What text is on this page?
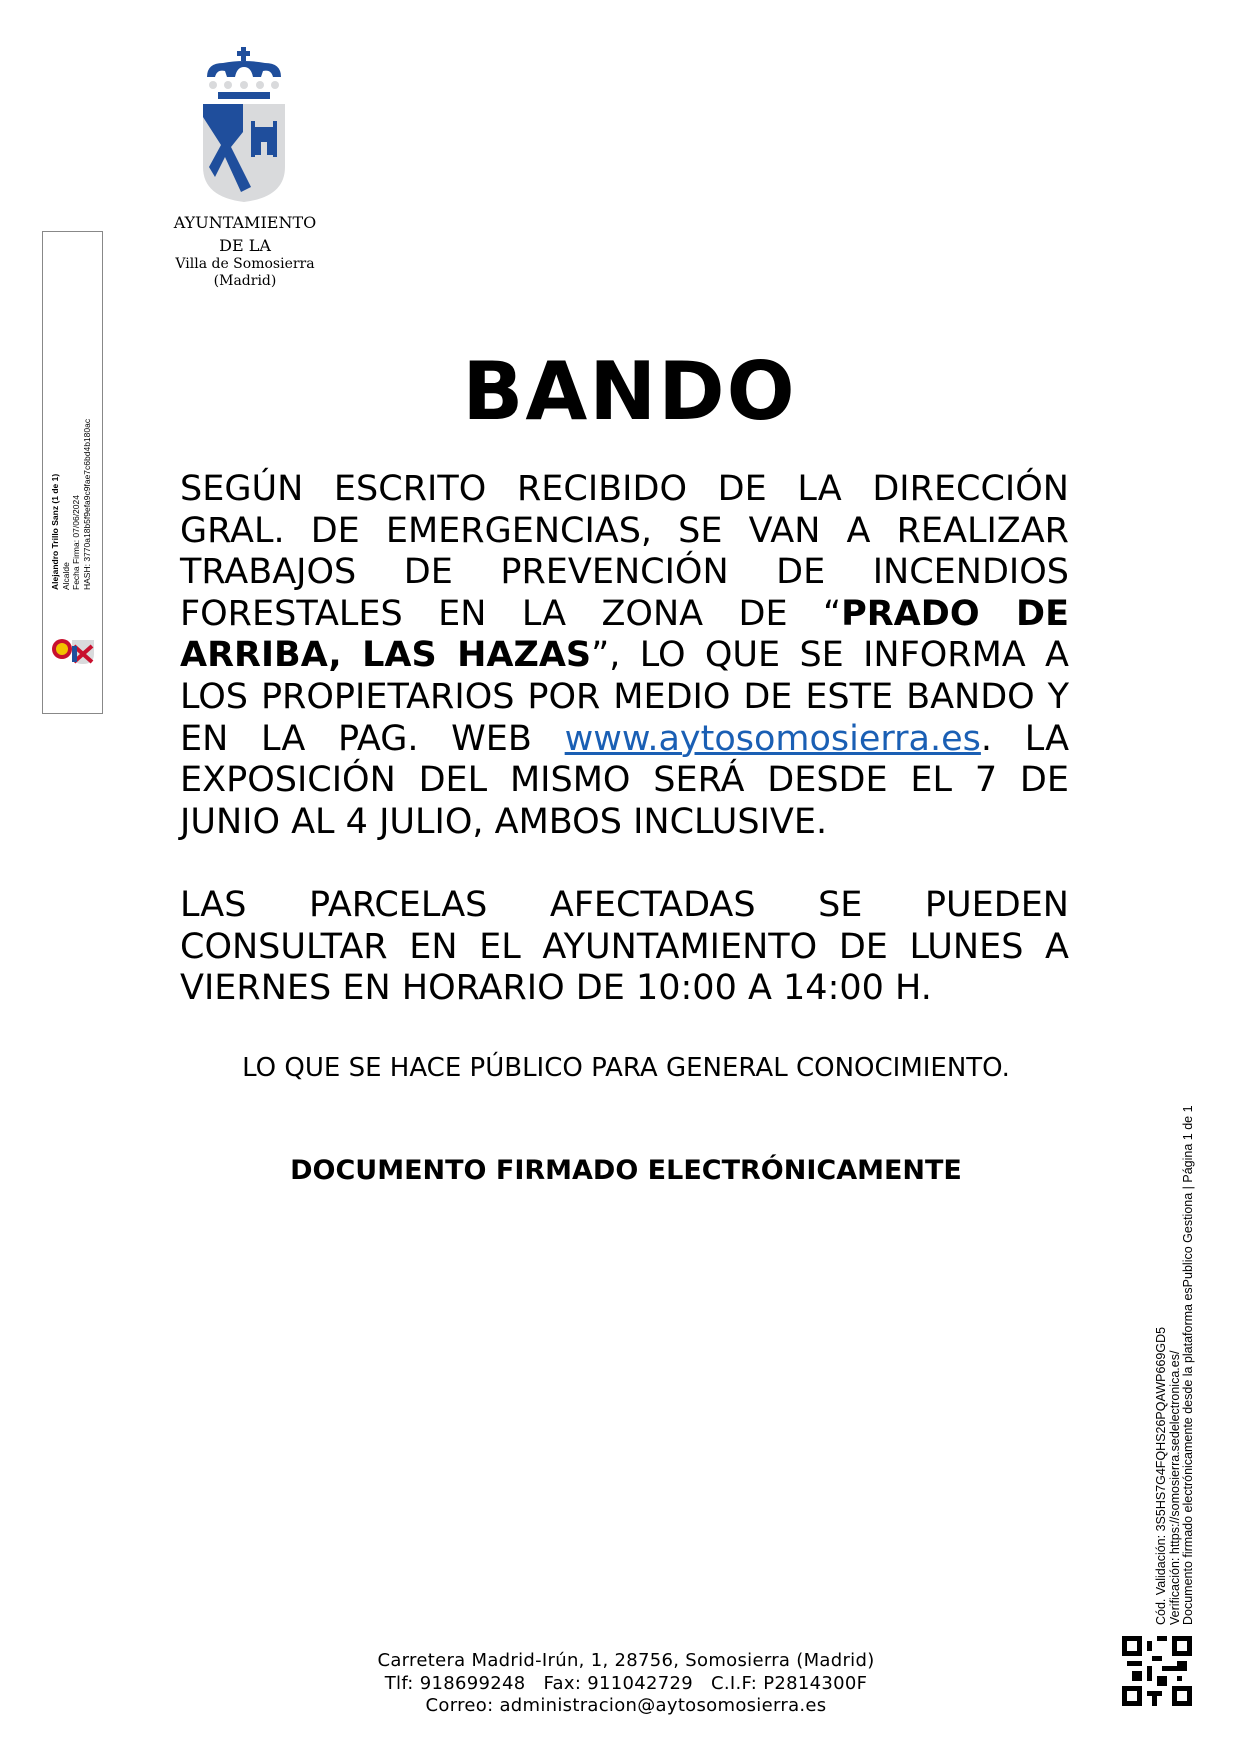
AYUNTAMIENTO
DE LA
Villa de Somosierra
(Madrid)
Alejandro Trillo Sanz (1 de 1) Alcalde Fecha Firma: 07/06/2024 HASH: 3770a18b5f9efa9c9fae7c6bd4b180ac
BANDO
SEGÚN ESCRITO RECIBIDO DE LA DIRECCIÓN GRAL. DE EMERGENCIAS, SE VAN A REALIZAR TRABAJOS DE PREVENCIÓN DE INCENDIOS FORESTALES EN LA ZONA DE “PRADO DE ARRIBA, LAS HAZAS”, LO QUE SE INFORMA A LOS PROPIETARIOS POR MEDIO DE ESTE BANDO Y EN LA PAG. WEB www.aytosomosierra.es. LA EXPOSICIÓN DEL MISMO SERÁ DESDE EL 7 DE JUNIO AL 4 JULIO, AMBOS INCLUSIVE.
LAS PARCELAS AFECTADAS SE PUEDEN CONSULTAR EN EL AYUNTAMIENTO DE LUNES A VIERNES EN HORARIO DE 10:00 A 14:00 H.
LO QUE SE HACE PÚBLICO PARA GENERAL CONOCIMIENTO.
DOCUMENTO FIRMADO ELECTRÓNICAMENTE
Carretera Madrid-Irún, 1, 28756, Somosierra (Madrid)
Tlf: 918699248   Fax: 911042729   C.I.F: P2814300F
Correo: administracion@aytosomosierra.es
Cód. Validación: 3S5HS7G4FQHS26PQAWP669GD5 Verificación: https://somosierra.sedelectronica.es/ Documento firmado electrónicamente desde la plataforma esPublico Gestiona | Página 1 de 1
